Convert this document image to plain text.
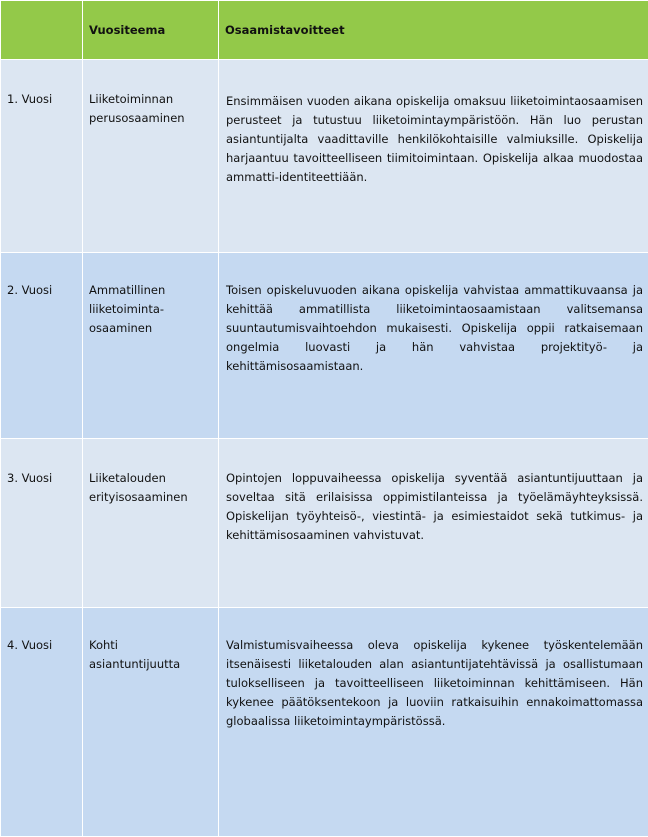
	Vuositeema	Osaamistavoitteet
1. Vuosi	Liiketoiminnan perusosaaminen	Ensimmäisen vuoden aikana opiskelija omaksuu liiketoimintaosaamisen perusteet ja tutustuu liiketoimintaympäristöön. Hän luo perustan asiantuntijalta vaadittaville henkilökohtaisille valmiuksille. Opiskelija harjaantuu tavoitteelliseen tiimitoimintaan. Opiskelija alkaa muodostaa ammatti-identiteettiään.
2. Vuosi	Ammatillinen liiketoiminta-osaaminen	Toisen opiskeluvuoden aikana opiskelija vahvistaa ammattikuvaansa ja kehittää ammatillista liiketoimintaosaamistaan valitsemansa suuntautumisvaihtoehdon mukaisesti. Opiskelija oppii ratkaisemaan ongelmia luovasti ja hän vahvistaa projektityö- ja kehittämisosaamistaan.
3. Vuosi	Liiketalouden erityisosaaminen	Opintojen loppuvaiheessa opiskelija syventää asiantuntijuuttaan ja soveltaa sitä erilaisissa oppimistilanteissa ja työelämäyhteyksissä. Opiskelijan työyhteisö-, viestintä- ja esimiestaidot sekä tutkimus- ja kehittämisosaaminen vahvistuvat.
4. Vuosi	Kohti asiantuntijuutta	Valmistumisvaiheessa oleva opiskelija kykenee työskentelemään itsenäisesti liiketalouden alan asiantuntijatehtävissä ja osallistumaan tulokselliseen ja tavoitteelliseen liiketoiminnan kehittämiseen. Hän kykenee päätöksentekoon ja luoviin ratkaisuihin ennakoimattomassa globaalissa liiketoimintaympäristössä.
